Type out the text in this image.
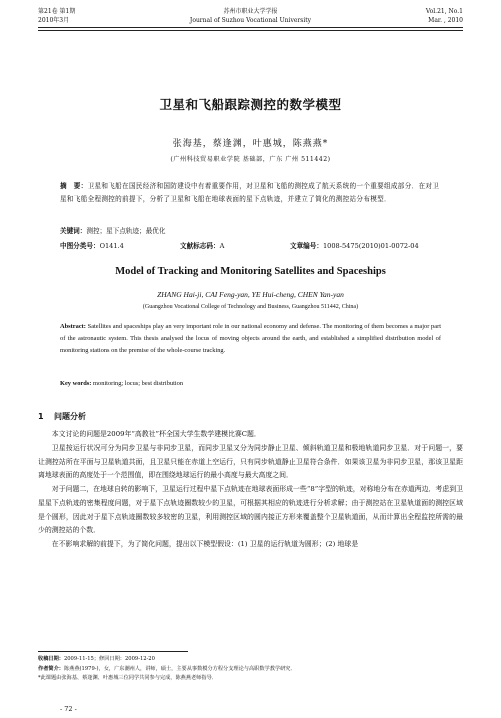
第21卷 第1期
2010年3月
苏州市职业大学学报
Journal of Suzhou Vocational University
Vol.21, No.1
Mar. , 2010
卫星和飞船跟踪测控的数学模型
张海基，蔡逢渊，叶惠城，陈燕燕*
(广州科技贸易职业学院 基础部，广东 广州 511442)
摘　要：卫星和飞船在国民经济和国防建设中有着重要作用，对卫星和飞船的测控成了航天系统的一个重要组成部分．在对卫星和飞船全程测控的前提下，分析了卫星和飞船在地球表面的星下点轨迹，并建立了简化的测控站分布模型．
关键词：测控；星下点轨迹；最优化
中图分类号：O141.4	文献标志码：A	文章编号：1008-5475(2010)01-0072-04
Model of Tracking and Monitoring Satellites and Spaceships
ZHANG Hai-ji, CAI Feng-yan, YE Hui-cheng, CHEN Yan-yan
(Guangzhou Vocational College of Technology and Business, Guangzhou 511442, China)
Abstract: Satellites and spaceships play an very important role in our national economy and defense. The monitoring of them becomes a major part of the astronautic system. This thesis analysed the locus of moving objects around the earth, and established a simplified distribution model of monitoring stations on the premise of the whole-course tracking.
Key words: monitoring; locus; best distribution
1 问题分析

本文讨论的问题是2009年“高教社”杯全国大学生数学建模比赛C题．

卫星按运行状况可分为同步卫星与非同步卫星，而同步卫星又分为同步静止卫星、倾斜轨道卫星和极地轨道同步卫星．对于问题一，要让测控站所在平面与卫星轨道共面，且卫星只能在赤道上空运行，只有同步轨道静止卫星符合条件．如果该卫星为非同步卫星，那该卫星距离地球表面的高度处于一个范围值，即在围绕地球运行的最小高度与最大高度之间．

对于问题二，在地球自转的影响下，卫星运行过程中星下点轨迹在地球表面形成一些“8”字型的轨迹，对称地分布在赤道两边．考虑到卫星星下点轨迹的密集程度问题，对于星下点轨迹圈数较少的卫星，可根据其相应的轨迹进行分析求解；由于测控站在卫星轨道面的测控区域是个圆形，因此对于星下点轨迹圈数较多较密的卫星，利用测控区域的圆内接正方形来覆盖整个卫星轨道面，从而计算出全程监控所需的最少的测控站的个数．

在不影响求解的前提下，为了简化问题，提出以下模型假设：(1) 卫星的运行轨道为圆形；(2) 地球是

收稿日期：2009-11-15；修回日期：2009-12-20
作者简介：陈燕燕(1979-)，女，广东潮州人，讲师，硕士，主要从事数模分方程分支理论与高职数学教学研究．
*此课题由张海基、蔡逢渊、叶惠城三位同学共同参与完成，陈燕燕老师指导．
- 72 -
